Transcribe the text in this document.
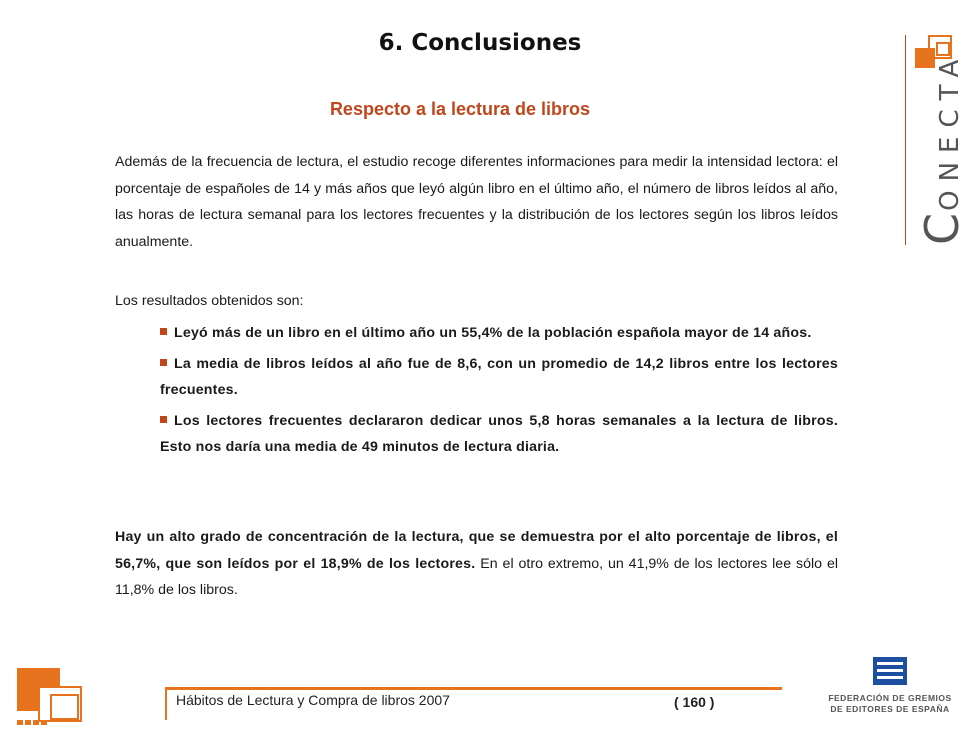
6. Conclusiones
Respecto a la lectura de libros
Además de la frecuencia de lectura, el estudio recoge diferentes informaciones para medir la intensidad lectora: el porcentaje de españoles de 14 y más años que leyó algún libro en el último año, el número de libros leídos al año, las horas de lectura semanal para los lectores frecuentes y la distribución de los lectores según los libros leídos anualmente.
Los resultados obtenidos son:
Leyó más de un libro en el último año un 55,4% de la población española mayor de 14 años.
La media de libros leídos al año fue de 8,6, con un promedio de 14,2 libros entre los lectores frecuentes.
Los lectores frecuentes declararon dedicar unos 5,8 horas semanales a la lectura de libros. Esto nos daría una media de 49 minutos de lectura diaria.
Hay un alto grado de concentración de la lectura, que se demuestra por el alto porcentaje de libros, el 56,7%, que son leídos por el 18,9% de los lectores. En el otro extremo, un 41,9% de los lectores lee sólo el 11,8% de los libros.
CONECTA
Hábitos de Lectura y Compra de libros 2007	( 160 )	FEDERACIÓN DE GREMIOS
DE EDITORES DE ESPAÑA
